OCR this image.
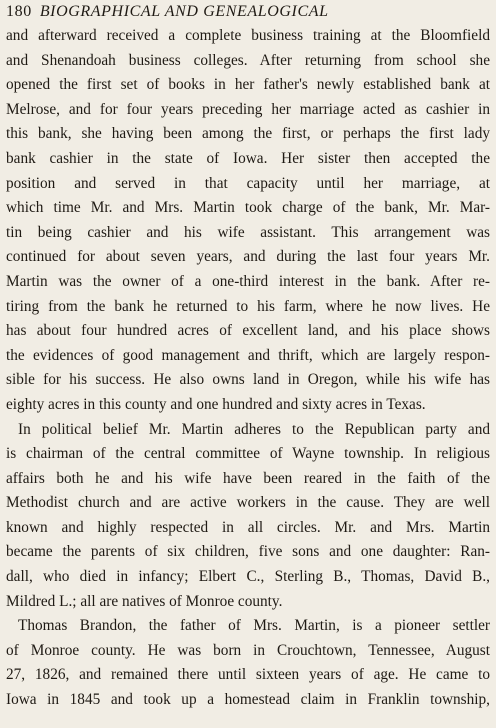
180 BIOGRAPHICAL AND GENEALOGICAL
and afterward received a complete business training at the Bloomfield
and Shenandoah business colleges. After returning from school she
opened the first set of books in her father's newly established bank at
Melrose, and for four years preceding her marriage acted as cashier in
this bank, she having been among the first, or perhaps the first lady
bank cashier in the state of Iowa. Her sister then accepted the
position and served in that capacity until her marriage, at
which time Mr. and Mrs. Martin took charge of the bank, Mr. Mar-
tin being cashier and his wife assistant. This arrangement was
continued for about seven years, and during the last four years Mr.
Martin was the owner of a one-third interest in the bank. After re-
tiring from the bank he returned to his farm, where he now lives. He
has about four hundred acres of excellent land, and his place shows
the evidences of good management and thrift, which are largely respon-
sible for his success. He also owns land in Oregon, while his wife has
eighty acres in this county and one hundred and sixty acres in Texas.
In political belief Mr. Martin adheres to the Republican party and
is chairman of the central committee of Wayne township. In religious
affairs both he and his wife have been reared in the faith of the
Methodist church and are active workers in the cause. They are well
known and highly respected in all circles. Mr. and Mrs. Martin
became the parents of six children, five sons and one daughter: Ran-
dall, who died in infancy; Elbert C., Sterling B., Thomas, David B.,
Mildred L.; all are natives of Monroe county.
Thomas Brandon, the father of Mrs. Martin, is a pioneer settler
of Monroe county. He was born in Crouchtown, Tennessee, August
27, 1826, and remained there until sixteen years of age. He came to
Iowa in 1845 and took up a homestead claim in Franklin township,
